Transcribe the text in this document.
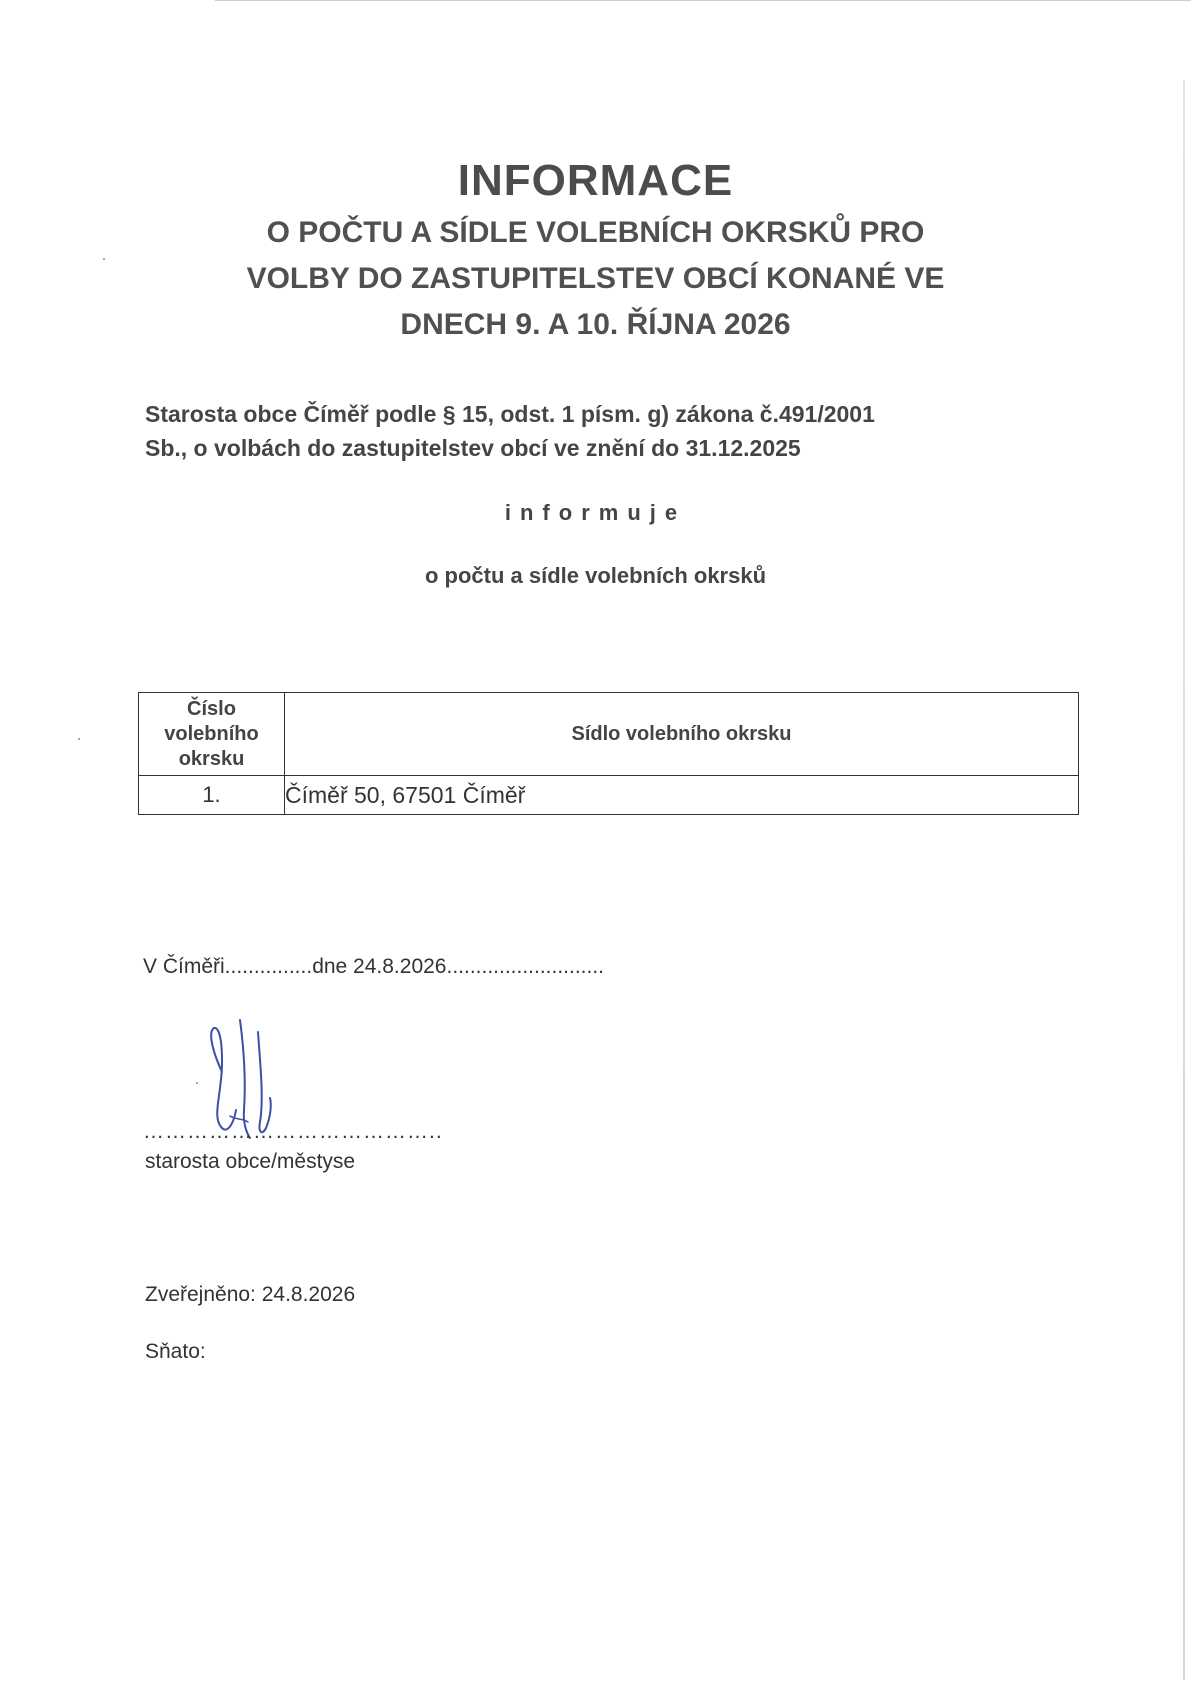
INFORMACE
O POČTU A SÍDLE VOLEBNÍCH OKRSKŮ PRO
VOLBY DO ZASTUPITELSTEV OBCÍ KONANÉ VE
DNECH 9. A 10. ŘÍJNA 2026
Starosta obce Číměř podle § 15, odst. 1 písm. g) zákona č.491/2001
Sb., o volbách do zastupitelstev obcí ve znění do 31.12.2025
informuje
o počtu a sídle volebních okrsků
Číslo
volebního
okrsku	Sídlo volebního okrsku
1.	Číměř 50, 67501 Číměř
V Číměři...............dne 24.8.2026...........................
…………………………………..
starosta obce/městyse
Zveřejněno: 24.8.2026
Sňato:
